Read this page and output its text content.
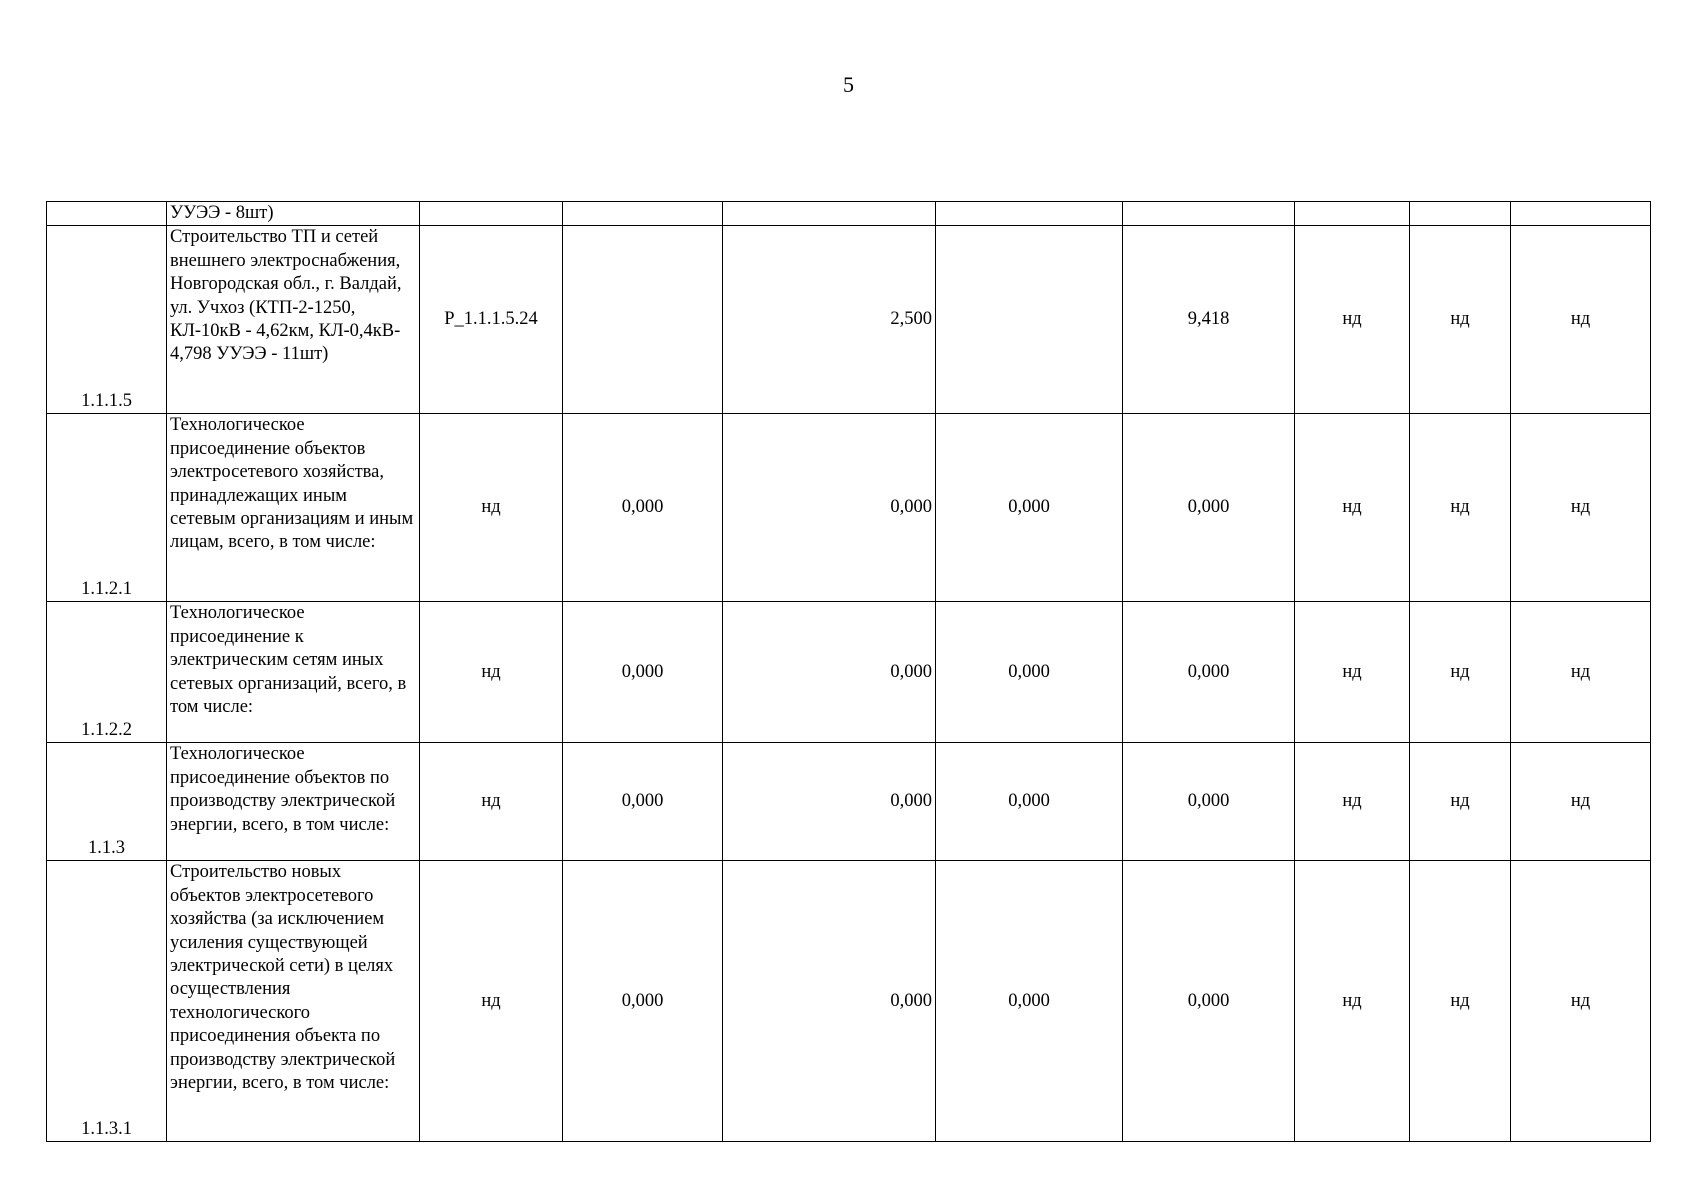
5
	УУЭЭ - 8шт)								
1.1.1.5	Строительство ТП и сетей внешнего электроснабжения, Новгородская обл., г. Валдай, ул. Учхоз (КТП-2-1250, КЛ-10кВ - 4,62км, КЛ-0,4кВ- 4,798 УУЭЭ - 11шт)	P_1.1.1.5.24		2,500		9,418	нд	нд	нд
1.1.2.1	Технологическое присоединение объектов электросетевого хозяйства, принадлежащих иным сетевым организациям и иным лицам, всего, в том числе:	нд	0,000	0,000	0,000	0,000	нд	нд	нд
1.1.2.2	Технологическое присоединение к электрическим сетям иных сетевых организаций, всего, в том числе:	нд	0,000	0,000	0,000	0,000	нд	нд	нд
1.1.3	Технологическое присоединение объектов по производству электрической энергии, всего, в том числе:	нд	0,000	0,000	0,000	0,000	нд	нд	нд
1.1.3.1	Строительство новых объектов электросетевого хозяйства (за исключением усиления существующей электрической сети) в целях осуществления технологического присоединения объекта по производству электрической энергии, всего, в том числе:	нд	0,000	0,000	0,000	0,000	нд	нд	нд
